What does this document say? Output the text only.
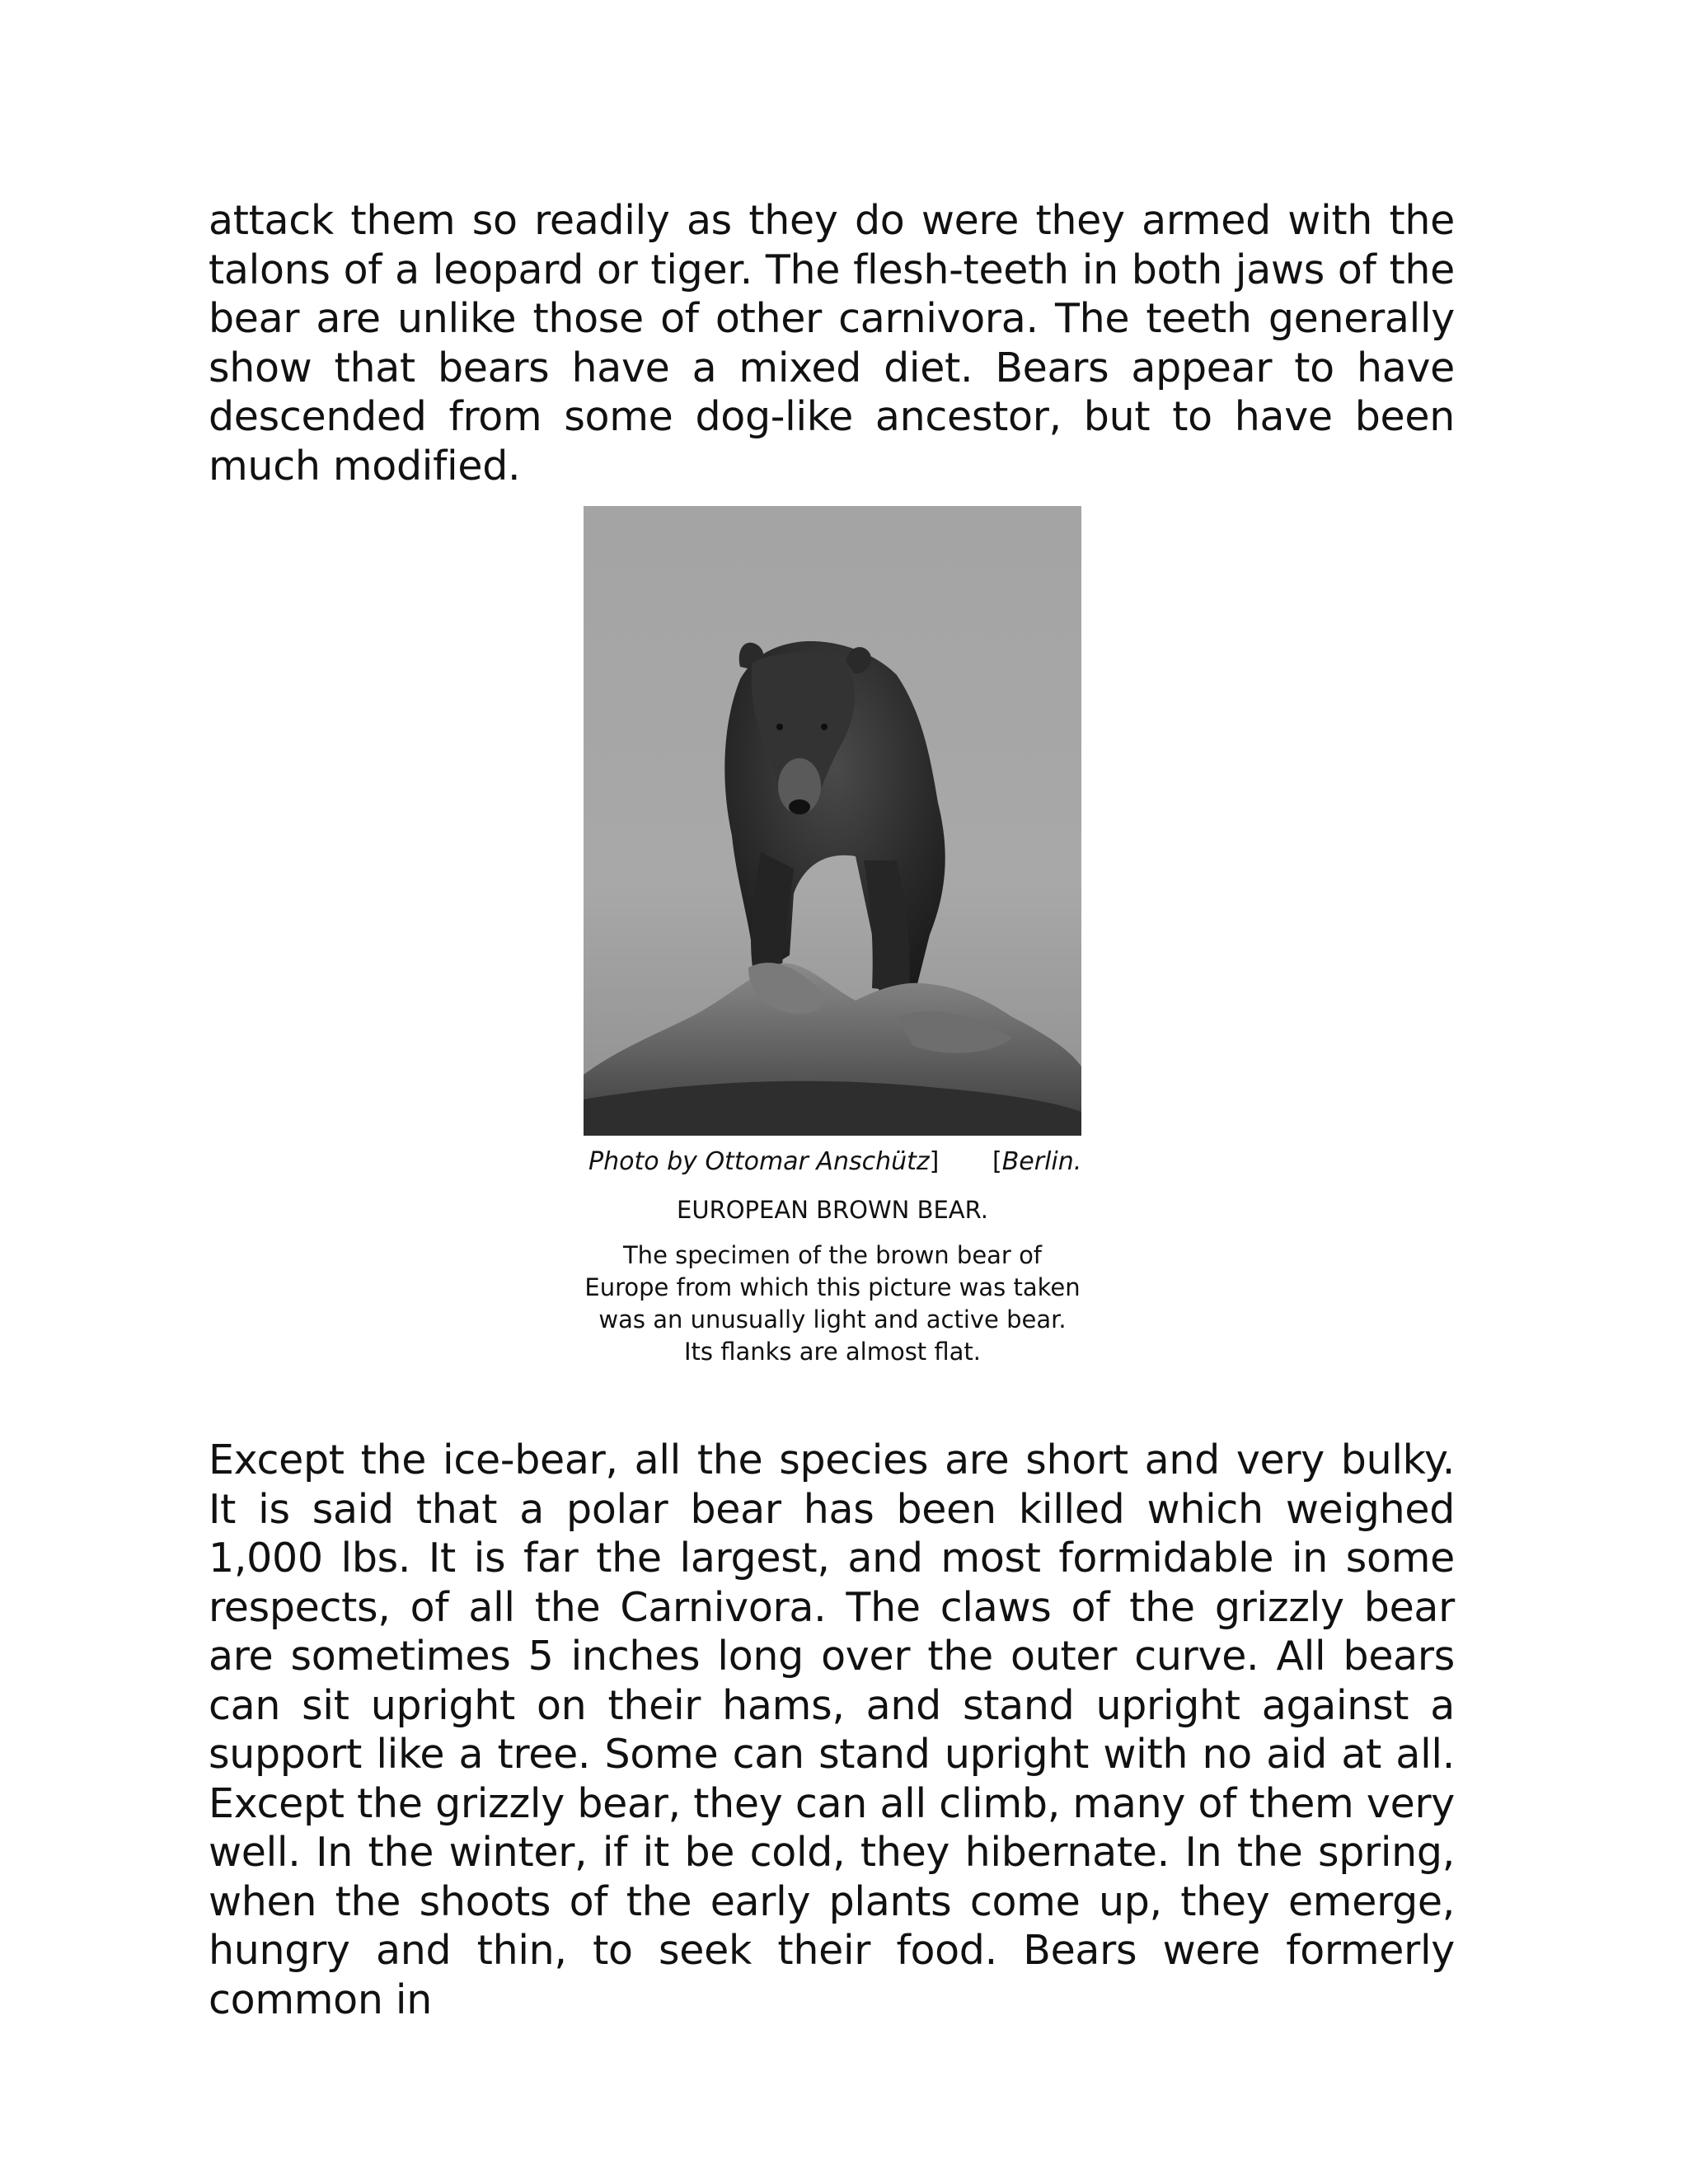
attack them so readily as they do were they armed with the talons of a leopard or tiger. The flesh-teeth in both jaws of the bear are unlike those of other carnivora. The teeth generally show that bears have a mixed diet. Bears appear to have descended from some dog-like ancestor, but to have been much modified.

Photo by Ottomar Anschütz] [Berlin.
EUROPEAN BROWN BEAR.
The specimen of the brown bear of Europe from which this picture was taken was an unusually light and active bear. Its flanks are almost flat.

Except the ice-bear, all the species are short and very bulky. It is said that a polar bear has been killed which weighed 1,000 lbs. It is far the largest, and most formidable in some respects, of all the Carnivora. The claws of the grizzly bear are sometimes 5 inches long over the outer curve. All bears can sit upright on their hams, and stand upright against a support like a tree. Some can stand upright with no aid at all. Except the grizzly bear, they can all climb, many of them very well. In the winter, if it be cold, they hibernate. In the spring, when the shoots of the early plants come up, they emerge, hungry and thin, to seek their food. Bears were formerly common in
